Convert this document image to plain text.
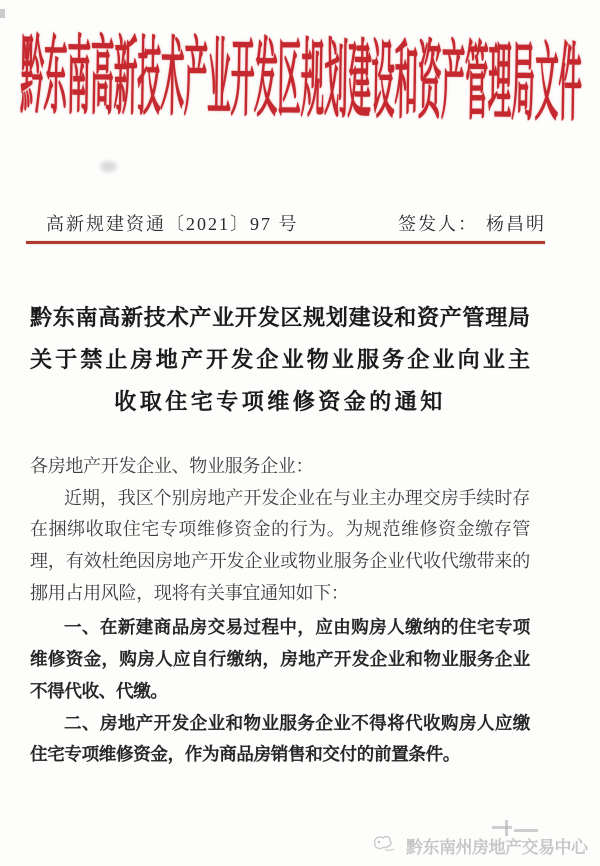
黔东南高新技术产业开发区规划建设和资产管理局文件
高新规建资通〔2021〕97 号	签发人： 杨昌明
黔东南高新技术产业开发区规划建设和资产管理局
关于禁止房地产开发企业物业服务企业向业主
收取住宅专项维修资金的通知
各房地产开发企业、物业服务企业：
近期，我区个别房地产开发企业在与业主办理交房手续时存
在捆绑收取住宅专项维修资金的行为。为规范维修资金缴存管
理，有效杜绝因房地产开发企业或物业服务企业代收代缴带来的
挪用占用风险，现将有关事宜通知如下：
一、在新建商品房交易过程中，应由购房人缴纳的住宅专项
维修资金，购房人应自行缴纳，房地产开发企业和物业服务企业
不得代收、代缴。
二、房地产开发企业和物业服务企业不得将代收购房人应缴
住宅专项维修资金，作为商品房销售和交付的前置条件。
黔东南州房地产交易中心
